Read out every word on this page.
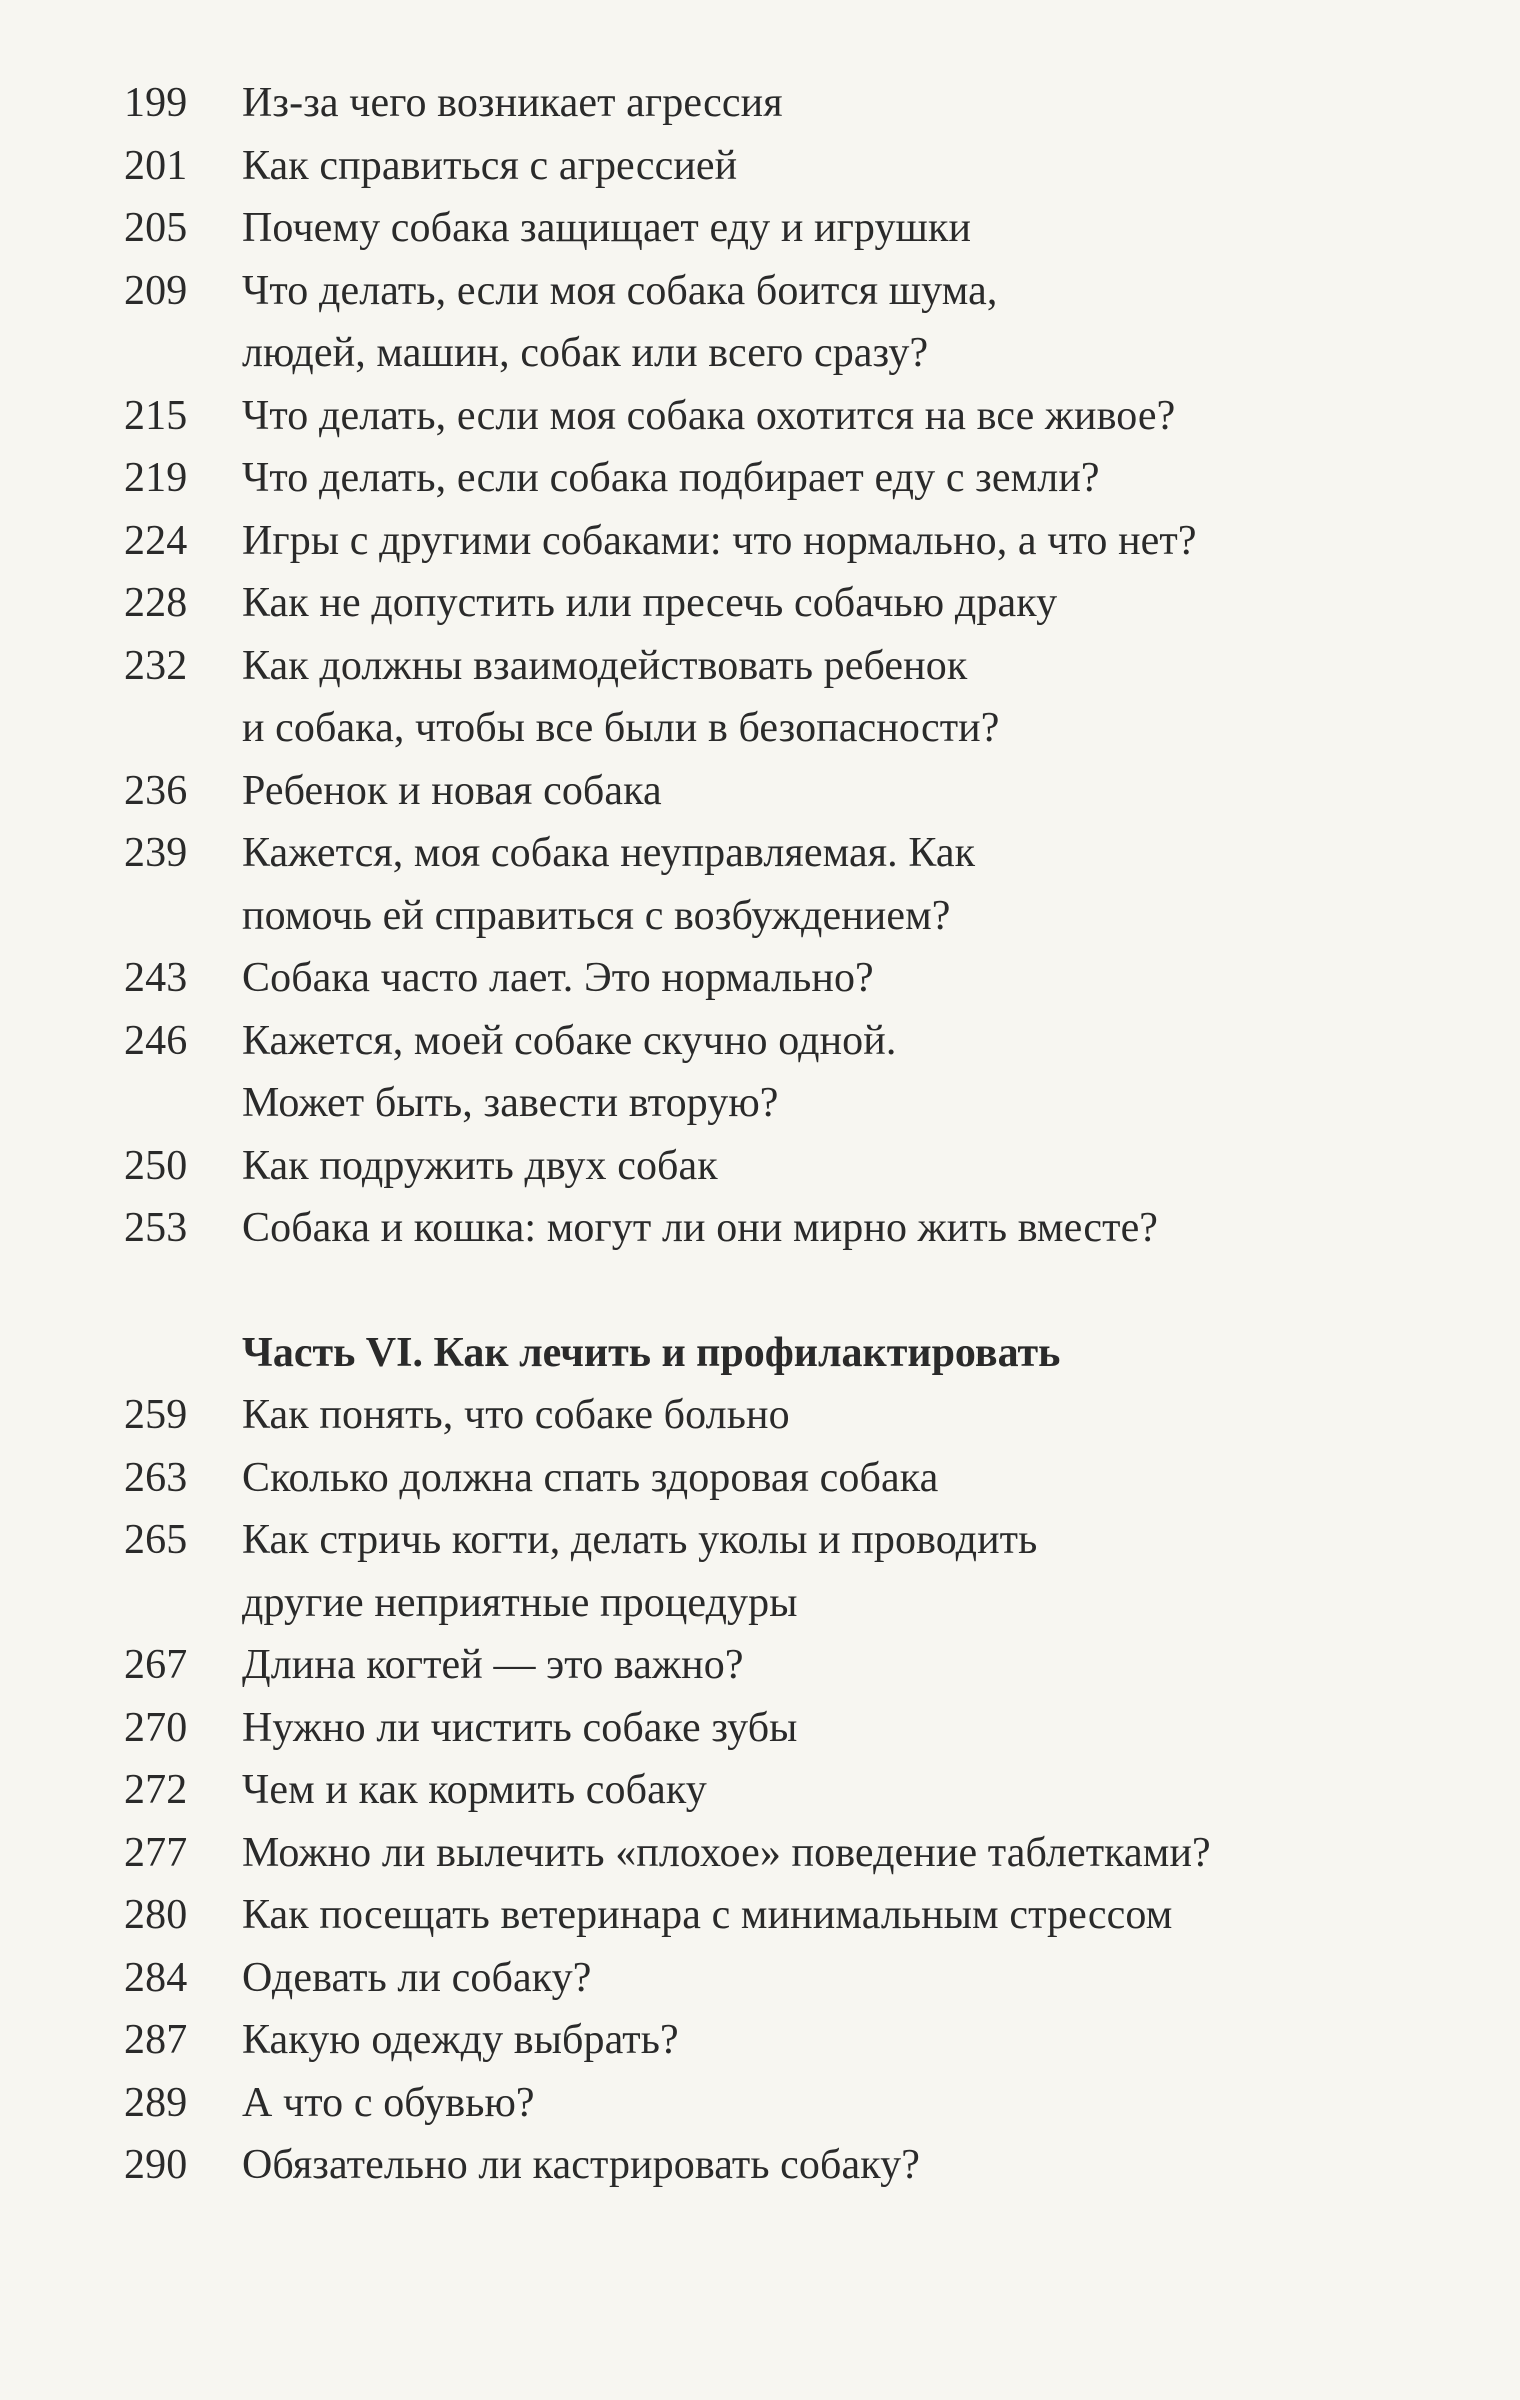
199	Из-за чего возникает агрессия
201	Как справиться с агрессией
205	Почему собака защищает еду и игрушки
209	Что делать, если моя собака боится шума,
людей, машин, собак или всего сразу?
215	Что делать, если моя собака охотится на все живое?
219	Что делать, если собака подбирает еду с земли?
224	Игры с другими собаками: что нормально, а что нет?
228	Как не допустить или пресечь собачью драку
232	Как должны взаимодействовать ребенок
и собака, чтобы все были в безопасности?
236	Ребенок и новая собака
239	Кажется, моя собака неуправляемая. Как
помочь ей справиться с возбуждением?
243	Собака часто лает. Это нормально?
246	Кажется, моей собаке скучно одной.
Может быть, завести вторую?
250	Как подружить двух собак
253	Собака и кошка: могут ли они мирно жить вместе?
Часть VI. Как лечить и профилактировать
259	Как понять, что собаке больно
263	Сколько должна спать здоровая собака
265	Как стричь когти, делать уколы и проводить
другие неприятные процедуры
267	Длина когтей — это важно?
270	Нужно ли чистить собаке зубы
272	Чем и как кормить собаку
277	Можно ли вылечить «плохое» поведение таблетками?
280	Как посещать ветеринара с минимальным стрессом
284	Одевать ли собаку?
287	Какую одежду выбрать?
289	А что с обувью?
290	Обязательно ли кастрировать собаку?
